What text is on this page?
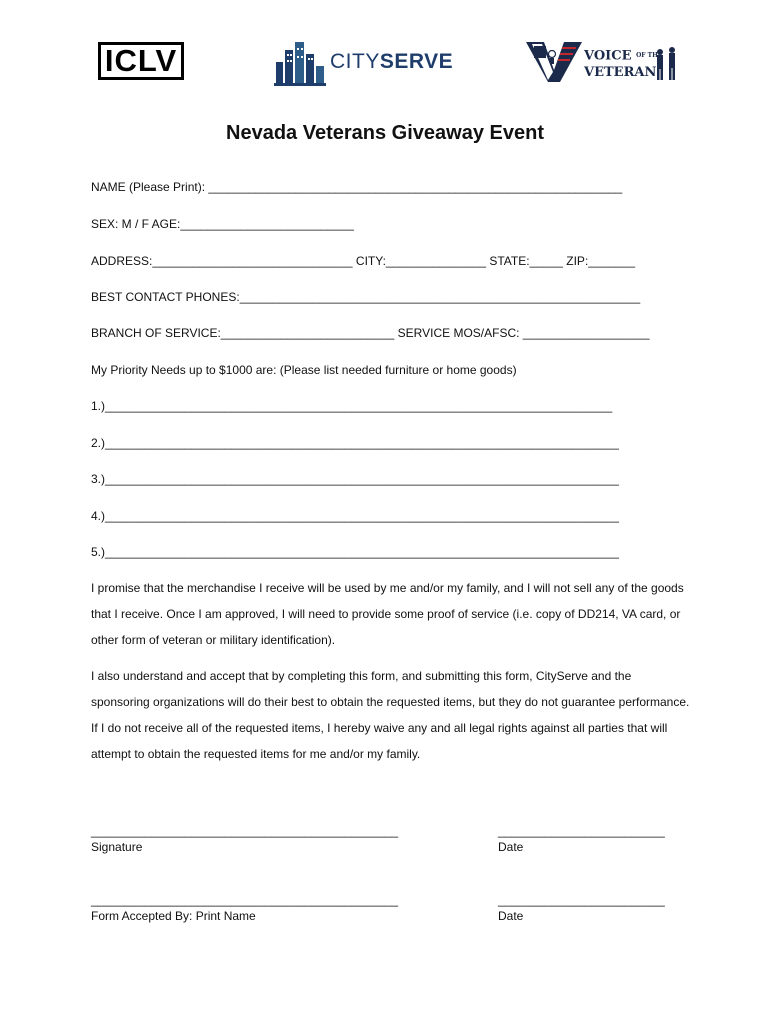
ICLV	CITYSERVE	VOICE OF THE
VETERAN
Nevada Veterans Giveaway Event
NAME (Please Print): ______________________________________________________________
SEX: M / F AGE:__________________________
ADDRESS:______________________________ CITY:_______________ STATE:_____ ZIP:_______
BEST CONTACT PHONES:____________________________________________________________
BRANCH OF SERVICE:__________________________ SERVICE MOS/AFSC: ___________________
My Priority Needs up to $1000 are: (Please list needed furniture or home goods)
1.)____________________________________________________________________________
2.)_____________________________________________________________________________
3.)_____________________________________________________________________________
4.)_____________________________________________________________________________
5.)_____________________________________________________________________________
I promise that the merchandise I receive will be used by me and/or my family, and I will not sell any of the goods that I receive. Once I am approved, I will need to provide some proof of service (i.e. copy of DD214, VA card, or other form of veteran or military identification).
I also understand and accept that by completing this form, and submitting this form, CityServe and the sponsoring organizations will do their best to obtain the requested items, but they do not guarantee performance. If I do not receive all of the requested items, I hereby waive any and all legal rights against all parties that will attempt to obtain the requested items for me and/or my family.
______________________________________________
Signature
_________________________
Date
______________________________________________
Form Accepted By: Print Name
_________________________
Date
